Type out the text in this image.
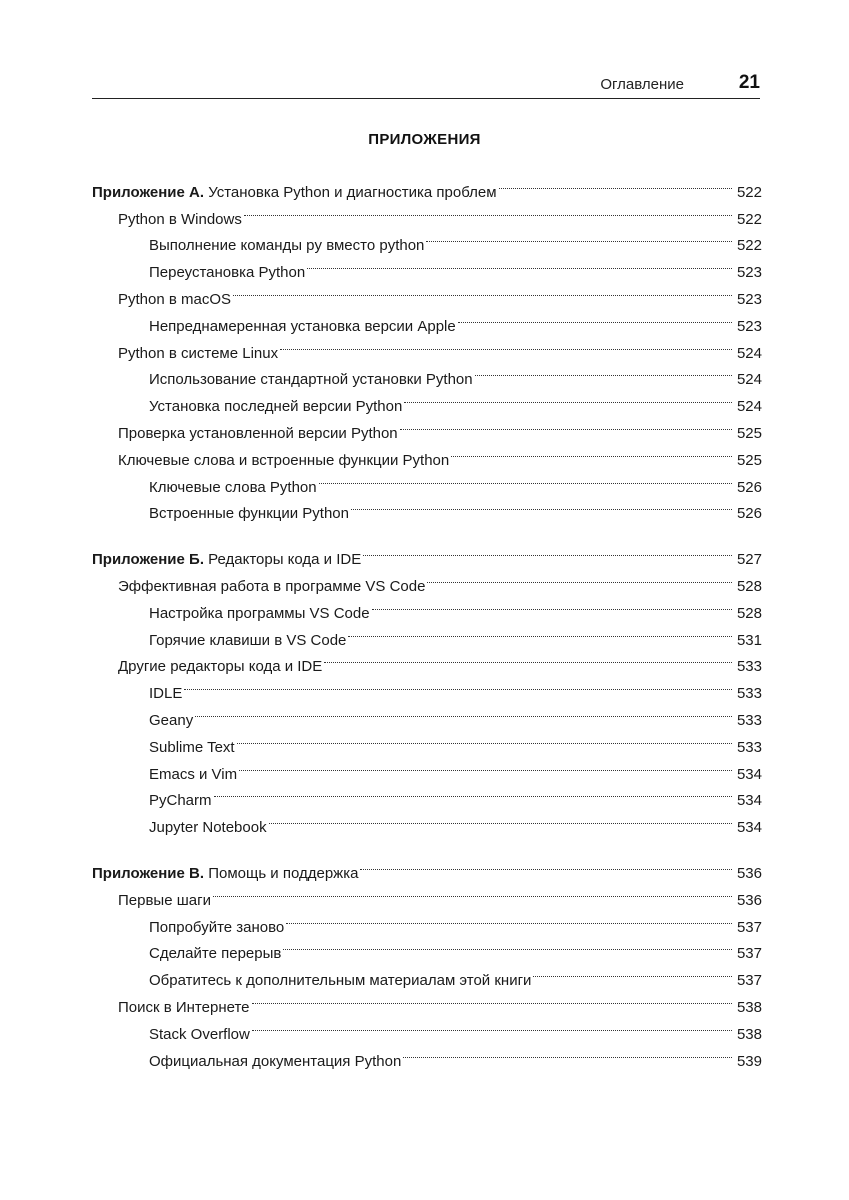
Оглавление	21
ПРИЛОЖЕНИЯ
Приложение А. Установка Python и диагностика проблем	522
Python в Windows	522
Выполнение команды py вместо python	522
Переустановка Python	523
Python в macOS	523
Непреднамеренная установка версии Apple	523
Python в системе Linux	524
Использование стандартной установки Python	524
Установка последней версии Python	524
Проверка установленной версии Python	525
Ключевые слова и встроенные функции Python	525
Ключевые слова Python	526
Встроенные функции Python	526
Приложение Б. Редакторы кода и IDE	527
Эффективная работа в программе VS Code	528
Настройка программы VS Code	528
Горячие клавиши в VS Code	531
Другие редакторы кода и IDE	533
IDLE	533
Geany	533
Sublime Text	533
Emacs и Vim	534
PyCharm	534
Jupyter Notebook	534
Приложение В. Помощь и поддержка	536
Первые шаги	536
Попробуйте заново	537
Сделайте перерыв	537
Обратитесь к дополнительным материалам этой книги	537
Поиск в Интернете	538
Stack Overflow	538
Официальная документация Python	539
